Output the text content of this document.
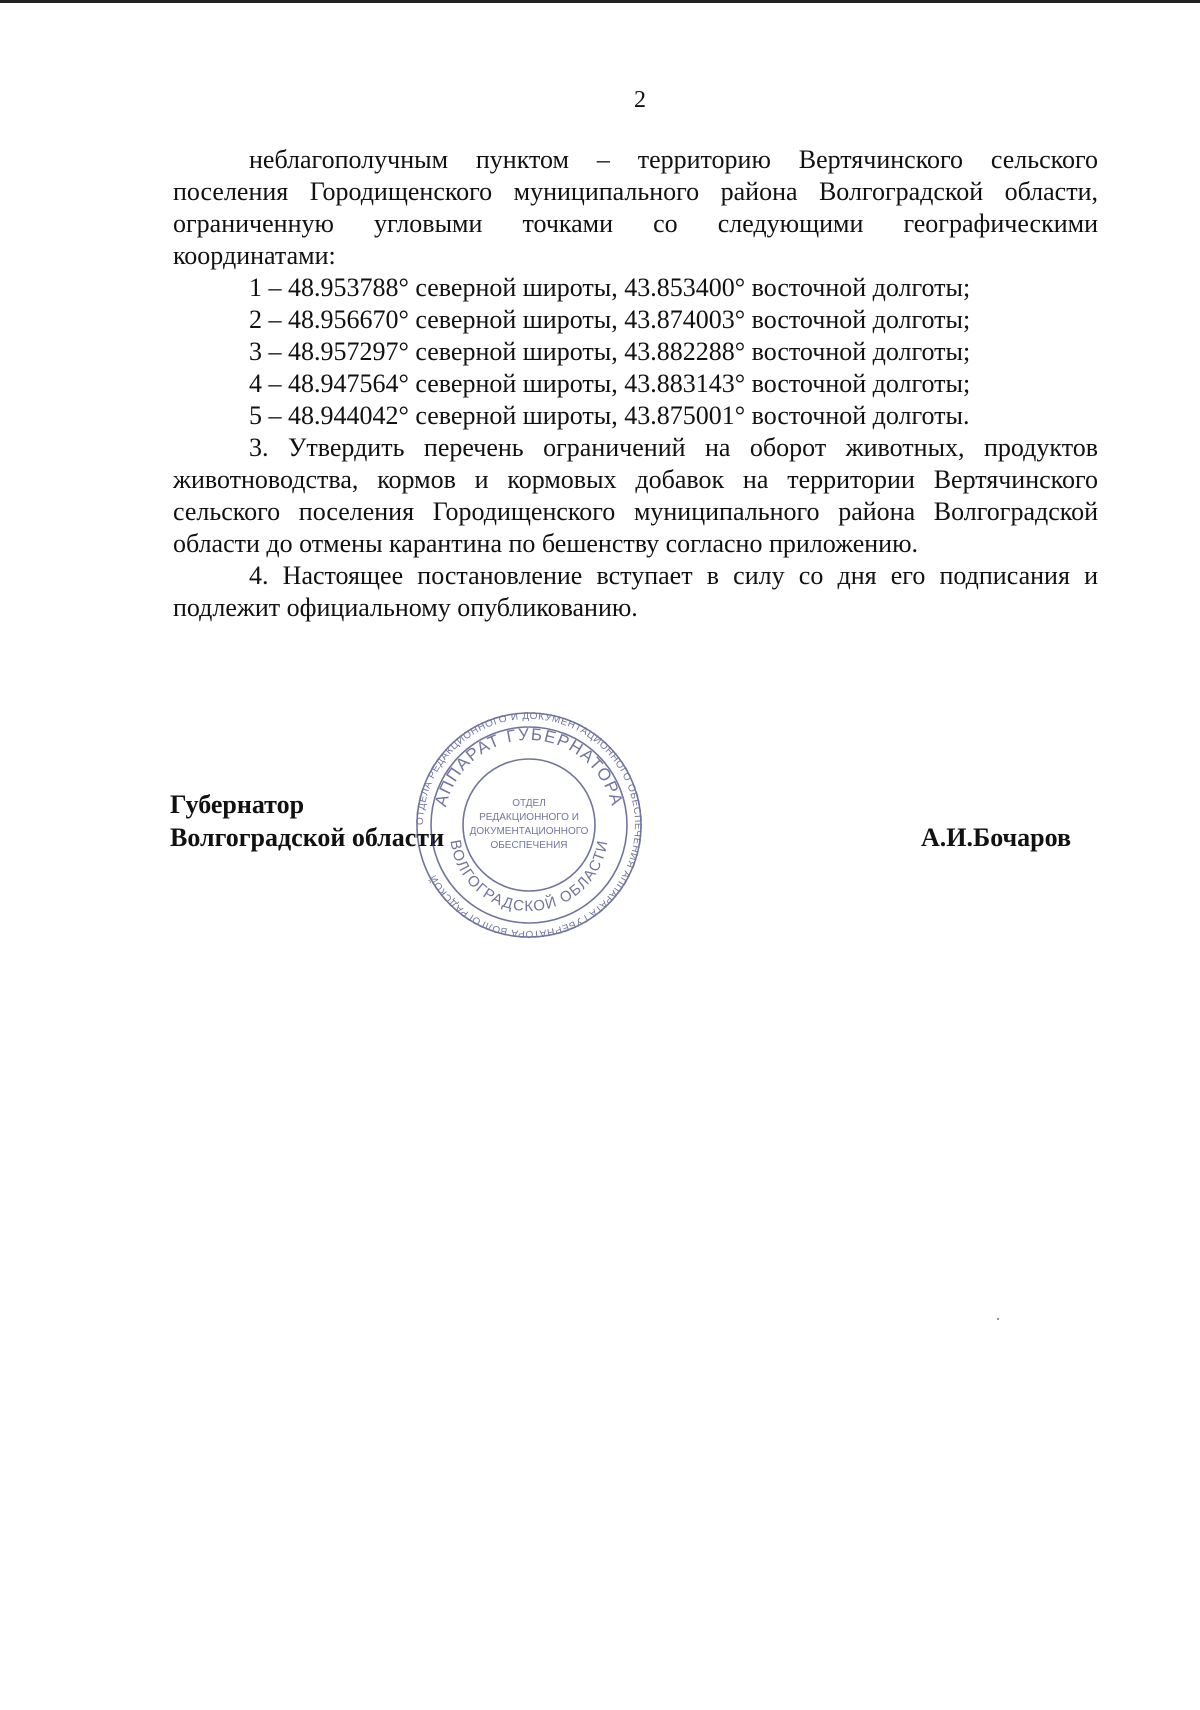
2

неблагополучным пунктом – территорию Вертячинского сельского поселения Городищенского муниципального района Волгоградской области, ограниченную угловыми точками со следующими географическими координатами:

1 – 48.953788° северной широты, 43.853400° восточной долготы;

2 – 48.956670° северной широты, 43.874003° восточной долготы;

3 – 48.957297° северной широты, 43.882288° восточной долготы;

4 – 48.947564° северной широты, 43.883143° восточной долготы;

5 – 48.944042° северной широты, 43.875001° восточной долготы.

3. Утвердить перечень ограничений на оборот животных, продуктов животноводства, кормов и кормовых добавок на территории Вертячинского сельского поселения Городищенского муниципального района Волгоградской области до отмены карантина по бешенству согласно приложению.

4. Настоящее постановление вступает в силу со дня его подписания и подлежит официальному опубликованию.

Губернатор
Волгоградской области	А.И.Бочаров
ОТДЕЛА РЕДАКЦИОННОГО И ДОКУМЕНТАЦИОННОГО ОБЕСПЕЧЕНИЯ АППАРАТА ГУБЕРНАТОРА ВОЛГОГРАДСКОЙ
АППАРАТ ГУБЕРНАТОРА
ВОЛГОГРАДСКОЙ ОБЛАСТИ
ОТДЕЛ
РЕДАКЦИОННОГО И
ДОКУМЕНТАЦИОННОГО
ОБЕСПЕЧЕНИЯ
